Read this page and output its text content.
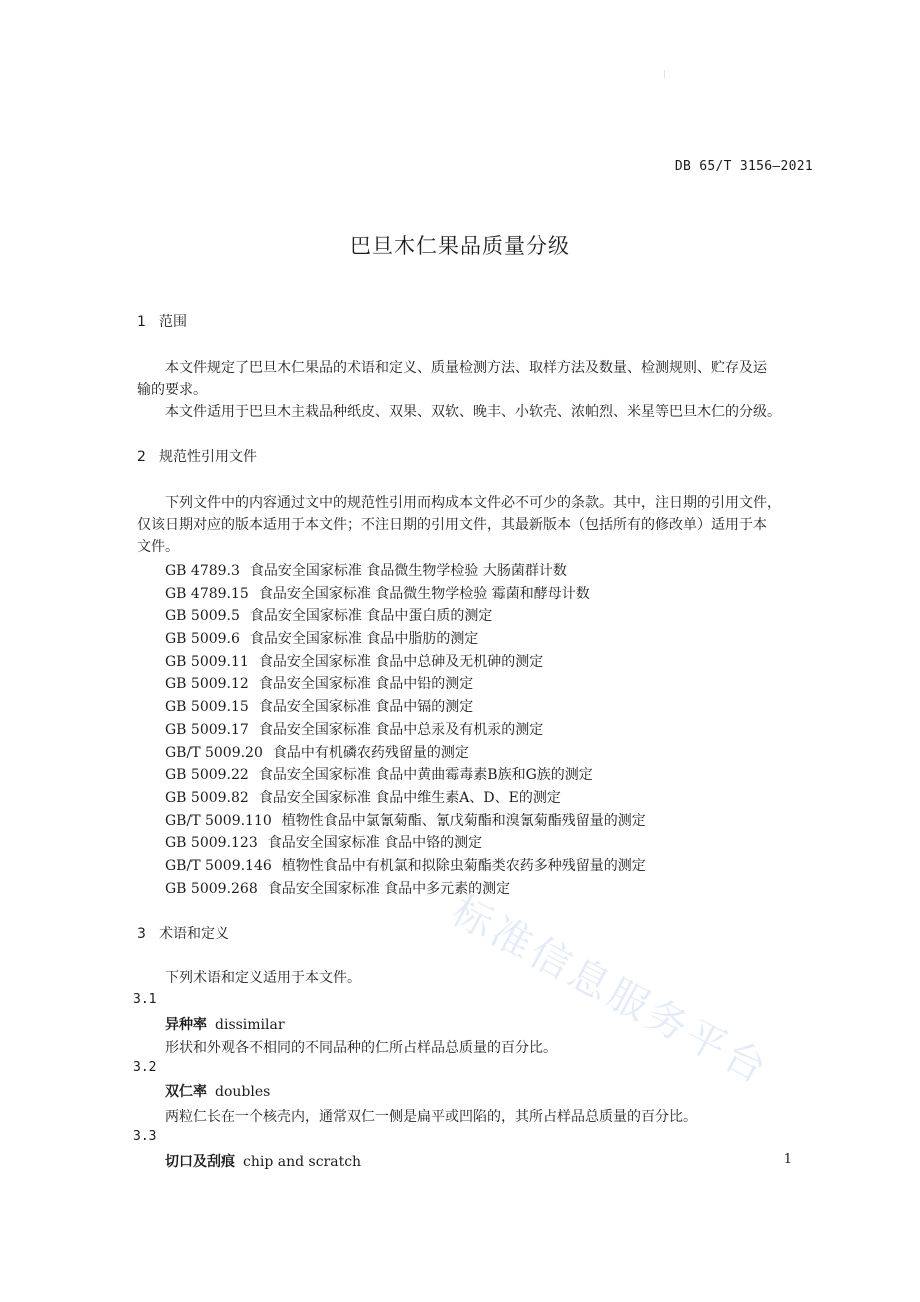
DB 65/T 3156—2021
巴旦木仁果品质量分级
1 范围
本文件规定了巴旦木仁果品的术语和定义、质量检测方法、取样方法及数量、检测规则、贮存及运
输的要求。
本文件适用于巴旦木主栽品种纸皮、双果、双软、晚丰、小软壳、浓帕烈、米星等巴旦木仁的分级。
2 规范性引用文件
下列文件中的内容通过文中的规范性引用而构成本文件必不可少的条款。其中，注日期的引用文件，
仅该日期对应的版本适用于本文件；不注日期的引用文件，其最新版本（包括所有的修改单）适用于本
文件。
GB 4789.3 食品安全国家标准 食品微生物学检验 大肠菌群计数
GB 4789.15 食品安全国家标准 食品微生物学检验 霉菌和酵母计数
GB 5009.5 食品安全国家标准 食品中蛋白质的测定
GB 5009.6 食品安全国家标准 食品中脂肪的测定
GB 5009.11 食品安全国家标准 食品中总砷及无机砷的测定
GB 5009.12 食品安全国家标准 食品中铅的测定
GB 5009.15 食品安全国家标准 食品中镉的测定
GB 5009.17 食品安全国家标准 食品中总汞及有机汞的测定
GB/T 5009.20 食品中有机磷农药残留量的测定
GB 5009.22 食品安全国家标准 食品中黄曲霉毒素B族和G族的测定
GB 5009.82 食品安全国家标准 食品中维生素A、D、E的测定
GB/T 5009.110 植物性食品中氯氰菊酯、氰戊菊酯和溴氰菊酯残留量的测定
GB 5009.123 食品安全国家标准 食品中铬的测定
GB/T 5009.146 植物性食品中有机氯和拟除虫菊酯类农药多种残留量的测定
GB 5009.268 食品安全国家标准 食品中多元素的测定
3 术语和定义
下列术语和定义适用于本文件。
3.1
异种率 dissimilar
形状和外观各不相同的不同品种的仁所占样品总质量的百分比。
3.2
双仁率 doubles
两粒仁长在一个核壳内，通常双仁一侧是扁平或凹陷的，其所占样品总质量的百分比。
3.3
切口及刮痕 chip and scratch	1
标准信息服务平台
